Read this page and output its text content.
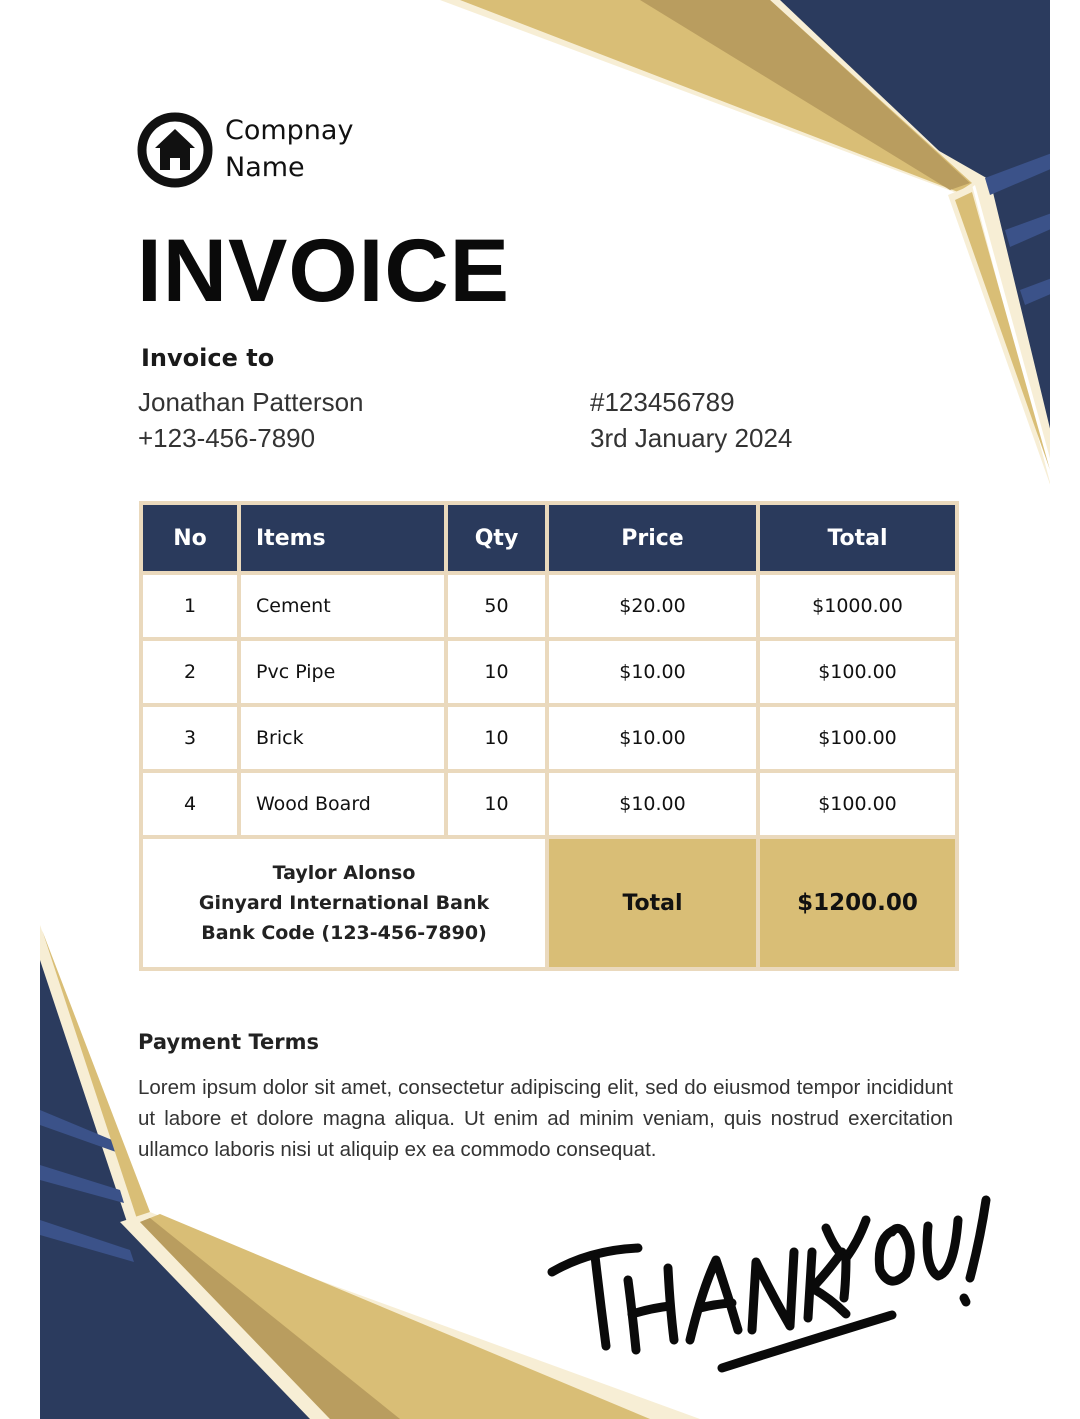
Compnay
Name
INVOICE
Invoice to
Jonathan Patterson
+123-456-7890
#123456789
3rd January 2024
No	Items	Qty	Price	Total
1	Cement	50	$20.00	$1000.00
2	Pvc Pipe	10	$10.00	$100.00
3	Brick	10	$10.00	$100.00
4	Wood Board	10	$10.00	$100.00

Taylor Alonso
Ginyard International Bank
Bank Code (123-456-7890)			Total	$1200.00
Payment Terms
Lorem ipsum dolor sit amet, consectetur adipiscing elit, sed do eiusmod tempor incididunt ut labore et dolore magna aliqua. Ut enim ad minim veniam, quis nostrud exercitation ullamco laboris nisi ut aliquip ex ea commodo consequat.
